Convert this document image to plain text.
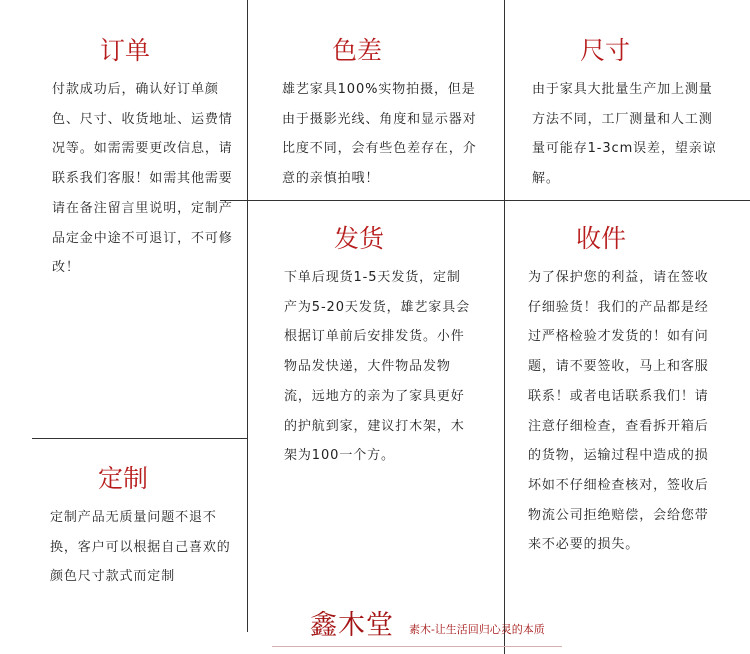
订单
付款成功后，确认好订单颜色、尺寸、收货地址、运费情况等。如需需要更改信息，请联系我们客服！如需其他需要请在备注留言里说明，定制产品定金中途不可退订，不可修改！
色差
雄艺家具100%实物拍摄，但是由于摄影光线、角度和显示器对比度不同，会有些色差存在，介意的亲慎拍哦！
尺寸
由于家具大批量生产加上测量方法不同，工厂测量和人工测量可能存1-3cm误差，望亲谅解。
发货
下单后现货1-5天发货，定制产为5-20天发货，雄艺家具会根据订单前后安排发货。小件物品发快递，大件物品发物流，远地方的亲为了家具更好的护航到家，建议打木架，木架为100一个方。
收件
为了保护您的利益，请在签收仔细验货！我们的产品都是经过严格检验才发货的！如有问题，请不要签收，马上和客服联系！或者电话联系我们！请注意仔细检查，查看拆开箱后的货物，运输过程中造成的损坏如不仔细检查核对，签收后物流公司拒绝赔偿，会给您带来不必要的损失。
定制
定制产品无质量问题不退不换，客户可以根据自己喜欢的颜色尺寸款式而定制
鑫木堂 素木-让生活回归心灵的本质
